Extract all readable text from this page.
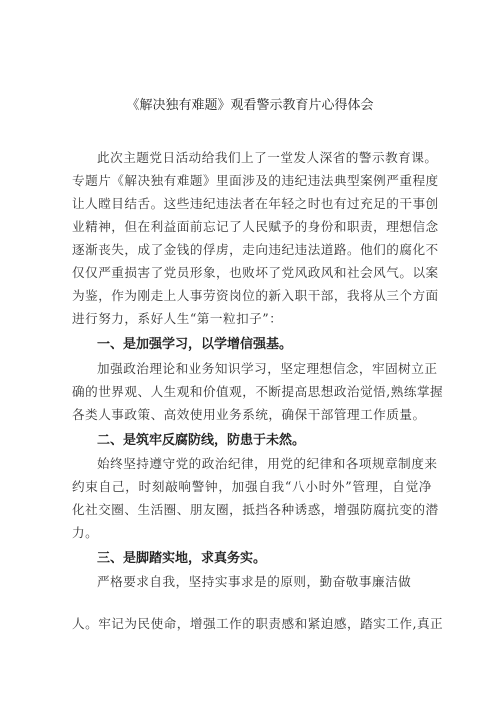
《解决独有难题》观看警示教育片心得体会
此次主题党日活动给我们上了一堂发人深省的警示教育课。
专题片《解决独有难题》里面涉及的违纪违法典型案例严重程度
让人瞠目结舌。这些违纪违法者在年轻之时也有过充足的干事创
业精神，但在利益面前忘记了人民赋予的身份和职责，理想信念
逐渐丧失，成了金钱的俘虏，走向违纪违法道路。他们的腐化不
仅仅严重损害了党员形象，也败坏了党风政风和社会风气。以案
为鉴，作为刚走上人事劳资岗位的新入职干部，我将从三个方面
进行努力，系好人生“第一粒扣子”：
一、是加强学习，以学增信强基。
加强政治理论和业务知识学习，坚定理想信念，牢固树立正
确的世界观、人生观和价值观，不断提高思想政治觉悟,熟练掌握
各类人事政策、高效使用业务系统，确保干部管理工作质量。
二、是筑牢反腐防线，防患于未然。
始终坚持遵守党的政治纪律，用党的纪律和各项规章制度来
约束自己，时刻敲响警钟，加强自我“八小时外”管理，自觉净
化社交圈、生活圈、朋友圈，抵挡各种诱惑，增强防腐抗变的潜
力。
三、是脚踏实地，求真务实。
严格要求自我，坚持实事求是的原则，勤奋敬事廉洁做
人。牢记为民使命，增强工作的职责感和紧迫感，踏实工作,真正
